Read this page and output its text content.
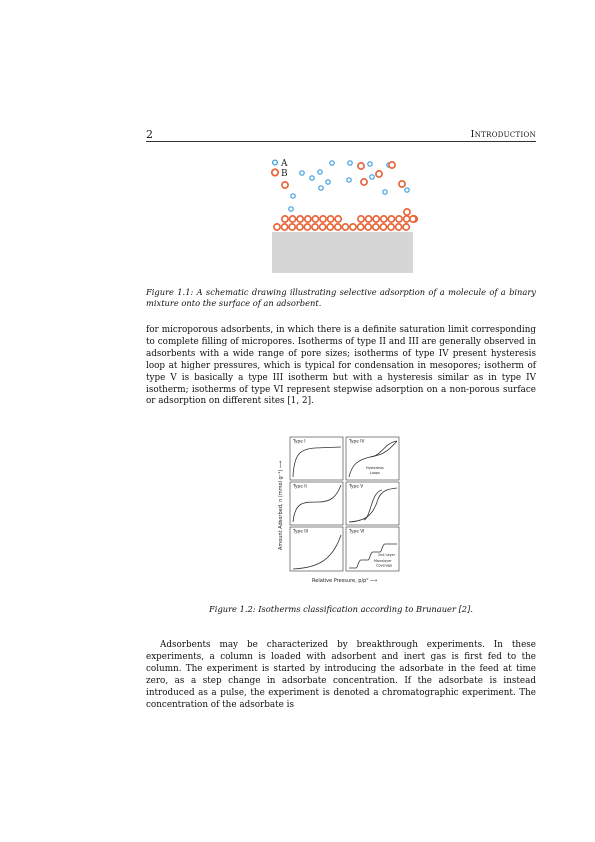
2	Introduction
A
B
Figure 1.1: A schematic drawing illustrating selective adsorption of a molecule of a binary mixture onto the surface of an adsorbent.
for microporous adsorbents, in which there is a definite saturation limit corresponding to complete filling of micropores. Isotherms of type II and III are generally observed in adsorbents with a wide range of pore sizes; isotherms of type IV present hysteresis loop at higher pressures, which is typical for condensation in mesopores; isotherm of type V is basically a type III isotherm but with a hysteresis similar as in type IV isotherm; isotherms of type VI represent stepwise adsorption on a non-porous surface or adsorption on different sites [1, 2].
Type I
Type II
Type III
Type IV
Type V
Type VI
Hysteresis
Loops
2nd Layer
Monolayer
Coverage
Amount Adsorbed, n (mmol g⁻¹) ⟶
Relative Pressure, p/p⁰ ⟶
Figure 1.2: Isotherms classification according to Brunauer [2].
Adsorbents may be characterized by breakthrough experiments. In these experiments, a column is loaded with adsorbent and inert gas is first fed to the column. The experiment is started by introducing the adsorbate in the feed at time zero, as a step change in adsorbate concentration. If the adsorbate is instead introduced as a pulse, the experiment is denoted a chromatographic experiment. The concentration of the adsorbate is
